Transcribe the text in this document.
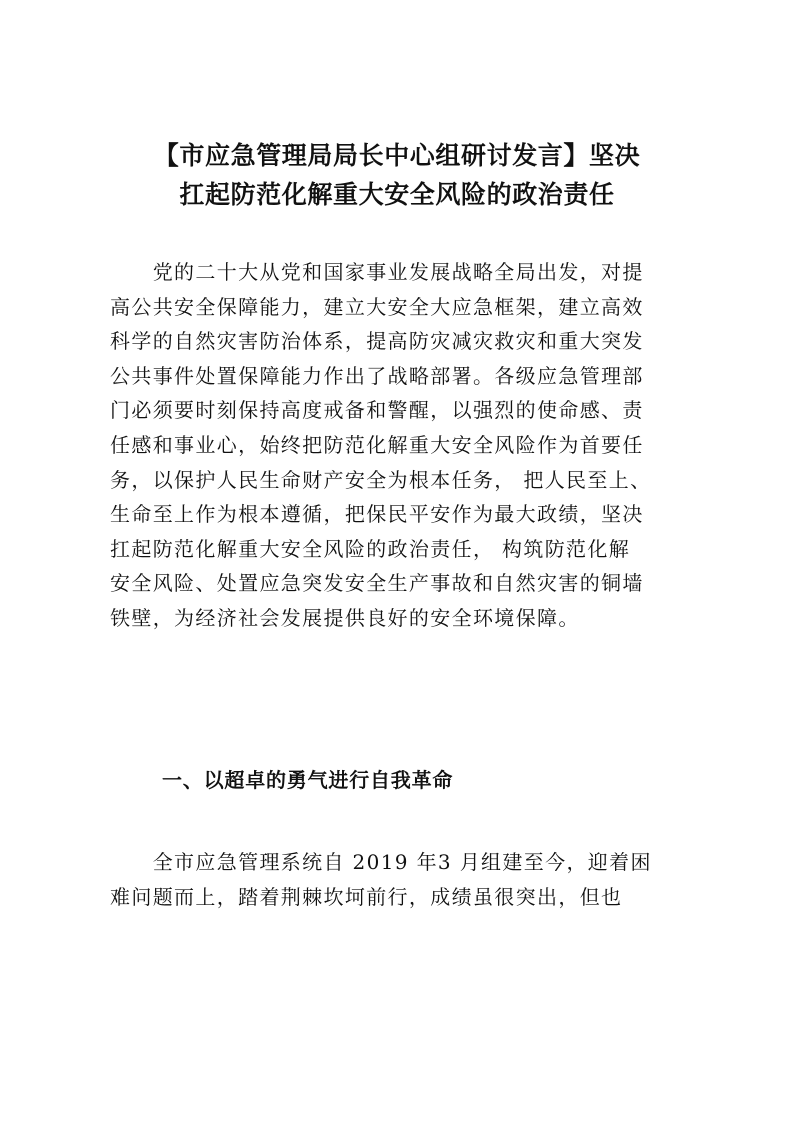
【市应急管理局局长中心组研讨发言】坚决
扛起防范化解重大安全风险的政治责任
　　党的二十大从党和国家事业发展战略全局出发，对提
高公共安全保障能力，建立大安全大应急框架，建立高效
科学的自然灾害防治体系，提高防灾减灾救灾和重大突发
公共事件处置保障能力作出了战略部署。各级应急管理部
门必须要时刻保持高度戒备和警醒，以强烈的使命感、责
任感和事业心，始终把防范化解重大安全风险作为首要任
务，以保护人民生命财产安全为根本任务， 把人民至上、
生命至上作为根本遵循，把保民平安作为最大政绩，坚决
扛起防范化解重大安全风险的政治责任， 构筑防范化解
安全风险、处置应急突发安全生产事故和自然灾害的铜墙
铁壁，为经济社会发展提供良好的安全环境保障。
一、以超卓的勇气进行自我革命
　　全市应急管理系统自 2019 年3 月组建至今，迎着困
难问题而上，踏着荆棘坎坷前行，成绩虽很突出，但也
